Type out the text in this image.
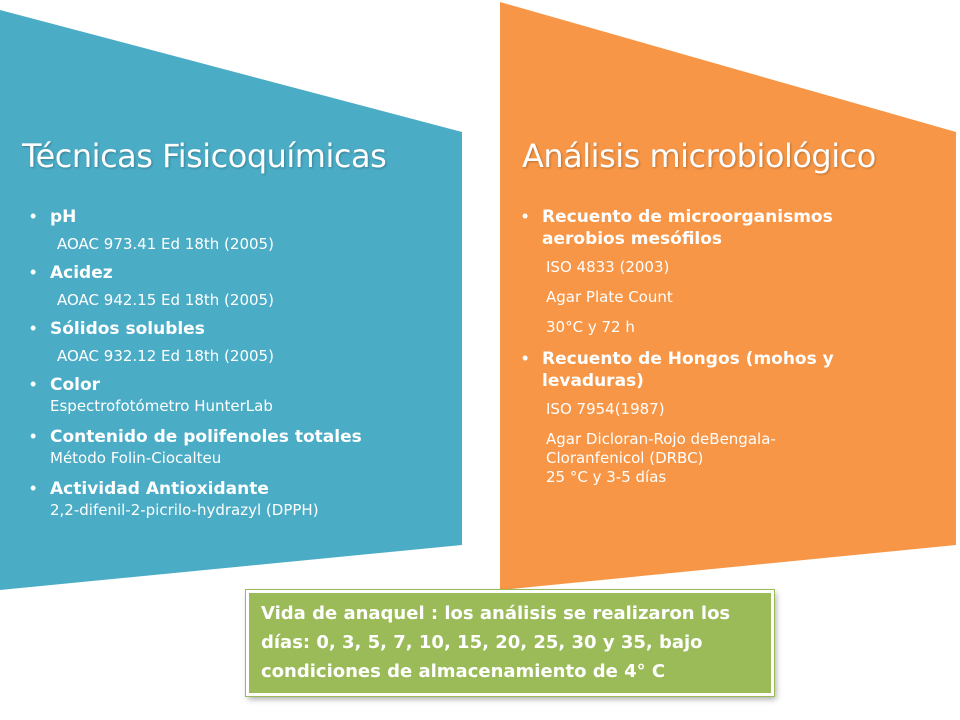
Técnicas Fisicoquímicas
• pH
AOAC 973.41 Ed 18th (2005)
• Acidez
AOAC 942.15 Ed 18th (2005)
• Sólidos solubles
AOAC 932.12 Ed 18th (2005)
• Color
Espectrofotómetro HunterLab
• Contenido de polifenoles totales
Método Folin-Ciocalteu
• Actividad Antioxidante
2,2-difenil-2-picrilo-hydrazyl (DPPH)
Análisis microbiológico
• Recuento de microorganismos aerobios mesófilos
ISO 4833 (2003)
Agar Plate Count
30°C y 72 h
• Recuento de Hongos (mohos y levaduras)
ISO 7954(1987)
Agar Dicloran-Rojo deBengala-Cloranfenicol (DRBC)
25 °C y 3-5 días
Vida de anaquel : los análisis se realizaron los días: 0, 3, 5, 7, 10, 15, 20, 25, 30 y 35, bajo condiciones de almacenamiento de 4° C
